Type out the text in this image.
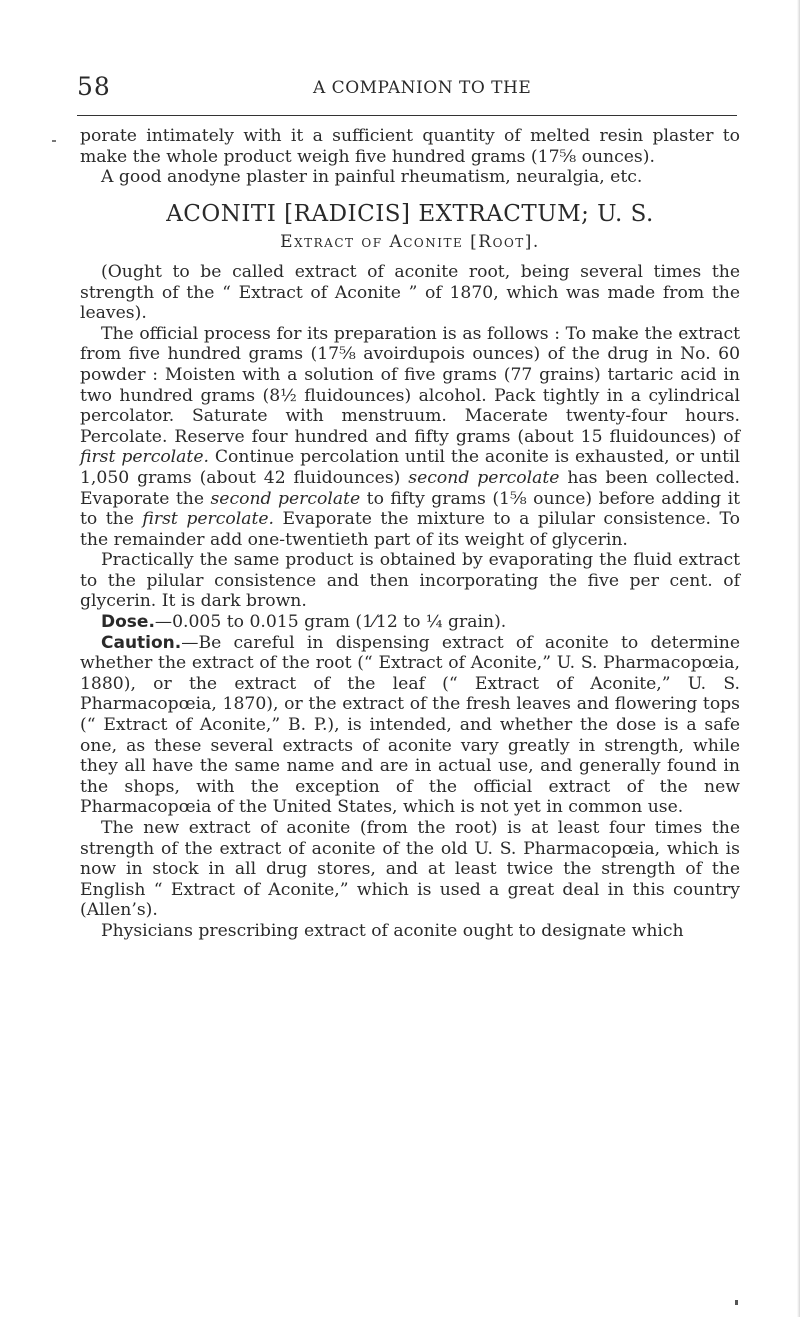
58	A COMPANION TO THE

porate intimately with it a sufficient quantity of melted resin plaster to make the whole product weigh five hundred grams (17⅝ ounces).

A good anodyne plaster in painful rheumatism, neuralgia, etc.

ACONITI [RADICIS] EXTRACTUM; U. S.
Extract of Aconite [Root].

(Ought to be called extract of aconite root, being several times the strength of the “ Extract of Aconite ” of 1870, which was made from the leaves).

The official process for its preparation is as follows : To make the extract from five hundred grams (17⅝ avoirdupois ounces) of the drug in No. 60 powder : Moisten with a solution of five grams (77 grains) tartaric acid in two hundred grams (8½ fluidounces) alcohol. Pack tightly in a cylindrical percolator. Saturate with menstruum. Macerate twenty-four hours. Percolate. Reserve four hundred and fifty grams (about 15 fluidounces) of first percolate. Continue percolation until the aconite is exhausted, or until 1,050 grams (about 42 fluidounces) second percolate has been collected. Evaporate the second percolate to fifty grams (1⅝ ounce) before adding it to the first percolate. Evaporate the mixture to a pilular consistence. To the remainder add one-twentieth part of its weight of glycerin.

Practically the same product is obtained by evaporating the fluid extract to the pilular consistence and then incorporating the five per cent. of glycerin. It is dark brown.

Dose.—0.005 to 0.015 gram (1⁄12 to ¼ grain).

Caution.—Be careful in dispensing extract of aconite to determine whether the extract of the root (“ Extract of Aconite,” U. S. Pharmacopœia, 1880), or the extract of the leaf (“ Extract of Aconite,” U. S. Pharmacopœia, 1870), or the extract of the fresh leaves and flowering tops (“ Extract of Aconite,” B. P.), is intended, and whether the dose is a safe one, as these several extracts of aconite vary greatly in strength, while they all have the same name and are in actual use, and generally found in the shops, with the exception of the official extract of the new Pharmacopœia of the United States, which is not yet in common use.

The new extract of aconite (from the root) is at least four times the strength of the extract of aconite of the old U. S. Pharmacopœia, which is now in stock in all drug stores, and at least twice the strength of the English “ Extract of Aconite,” which is used a great deal in this country (Allen’s).

Physicians prescribing extract of aconite ought to designate which
